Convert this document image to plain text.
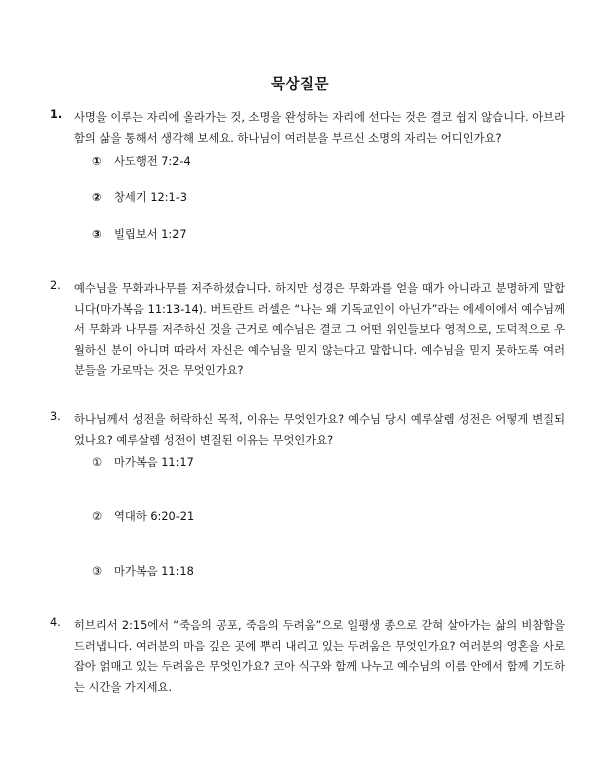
묵상질문
1.	사명을 이루는 자리에 올라가는 것, 소명을 완성하는 자리에 선다는 것은 결코 쉽지 않습니다. 아브라함의 삶을 통해서 생각해 보세요. 하나님이 여러분을 부르신 소명의 자리는 어디인가요?
① 사도행전 7:2-4
② 창세기 12:1-3
③ 빌립보서 1:27
2.	예수님을 무화과나무를 저주하셨습니다. 하지만 성경은 무화과를 얻을 때가 아니라고 분명하게 말합니다(마가복음 11:13-14). 버트란트 러셀은 “나는 왜 기독교인이 아닌가”라는 에세이에서 예수님께서 무화과 나무를 저주하신 것을 근거로 예수님은 결코 그 어떤 위인들보다 영적으로, 도덕적으로 우월하신 분이 아니며 따라서 자신은 예수님을 믿지 않는다고 말합니다. 예수님을 믿지 못하도록 여러분들을 가로막는 것은 무엇인가요?
3.	하나님께서 성전을 허락하신 목적, 이유는 무엇인가요? 예수님 당시 예루살렘 성전은 어떻게 변질되었나요? 예루살렘 성전이 변질된 이유는 무엇인가요?
① 마가복음 11:17
② 역대하 6:20-21
③ 마가복음 11:18
4.	히브리서 2:15에서 “죽음의 공포, 죽음의 두려움”으로 일평생 종으로 갇혀 살아가는 삶의 비참함을 드러냅니다. 여러분의 마음 깊은 곳에 뿌리 내리고 있는 두려움은 무엇인가요? 여러분의 영혼을 사로 잡아 얽매고 있는 두려움은 무엇인가요? 코아 식구와 함께 나누고 예수님의 이름 안에서 함께 기도하는 시간을 가지세요.
